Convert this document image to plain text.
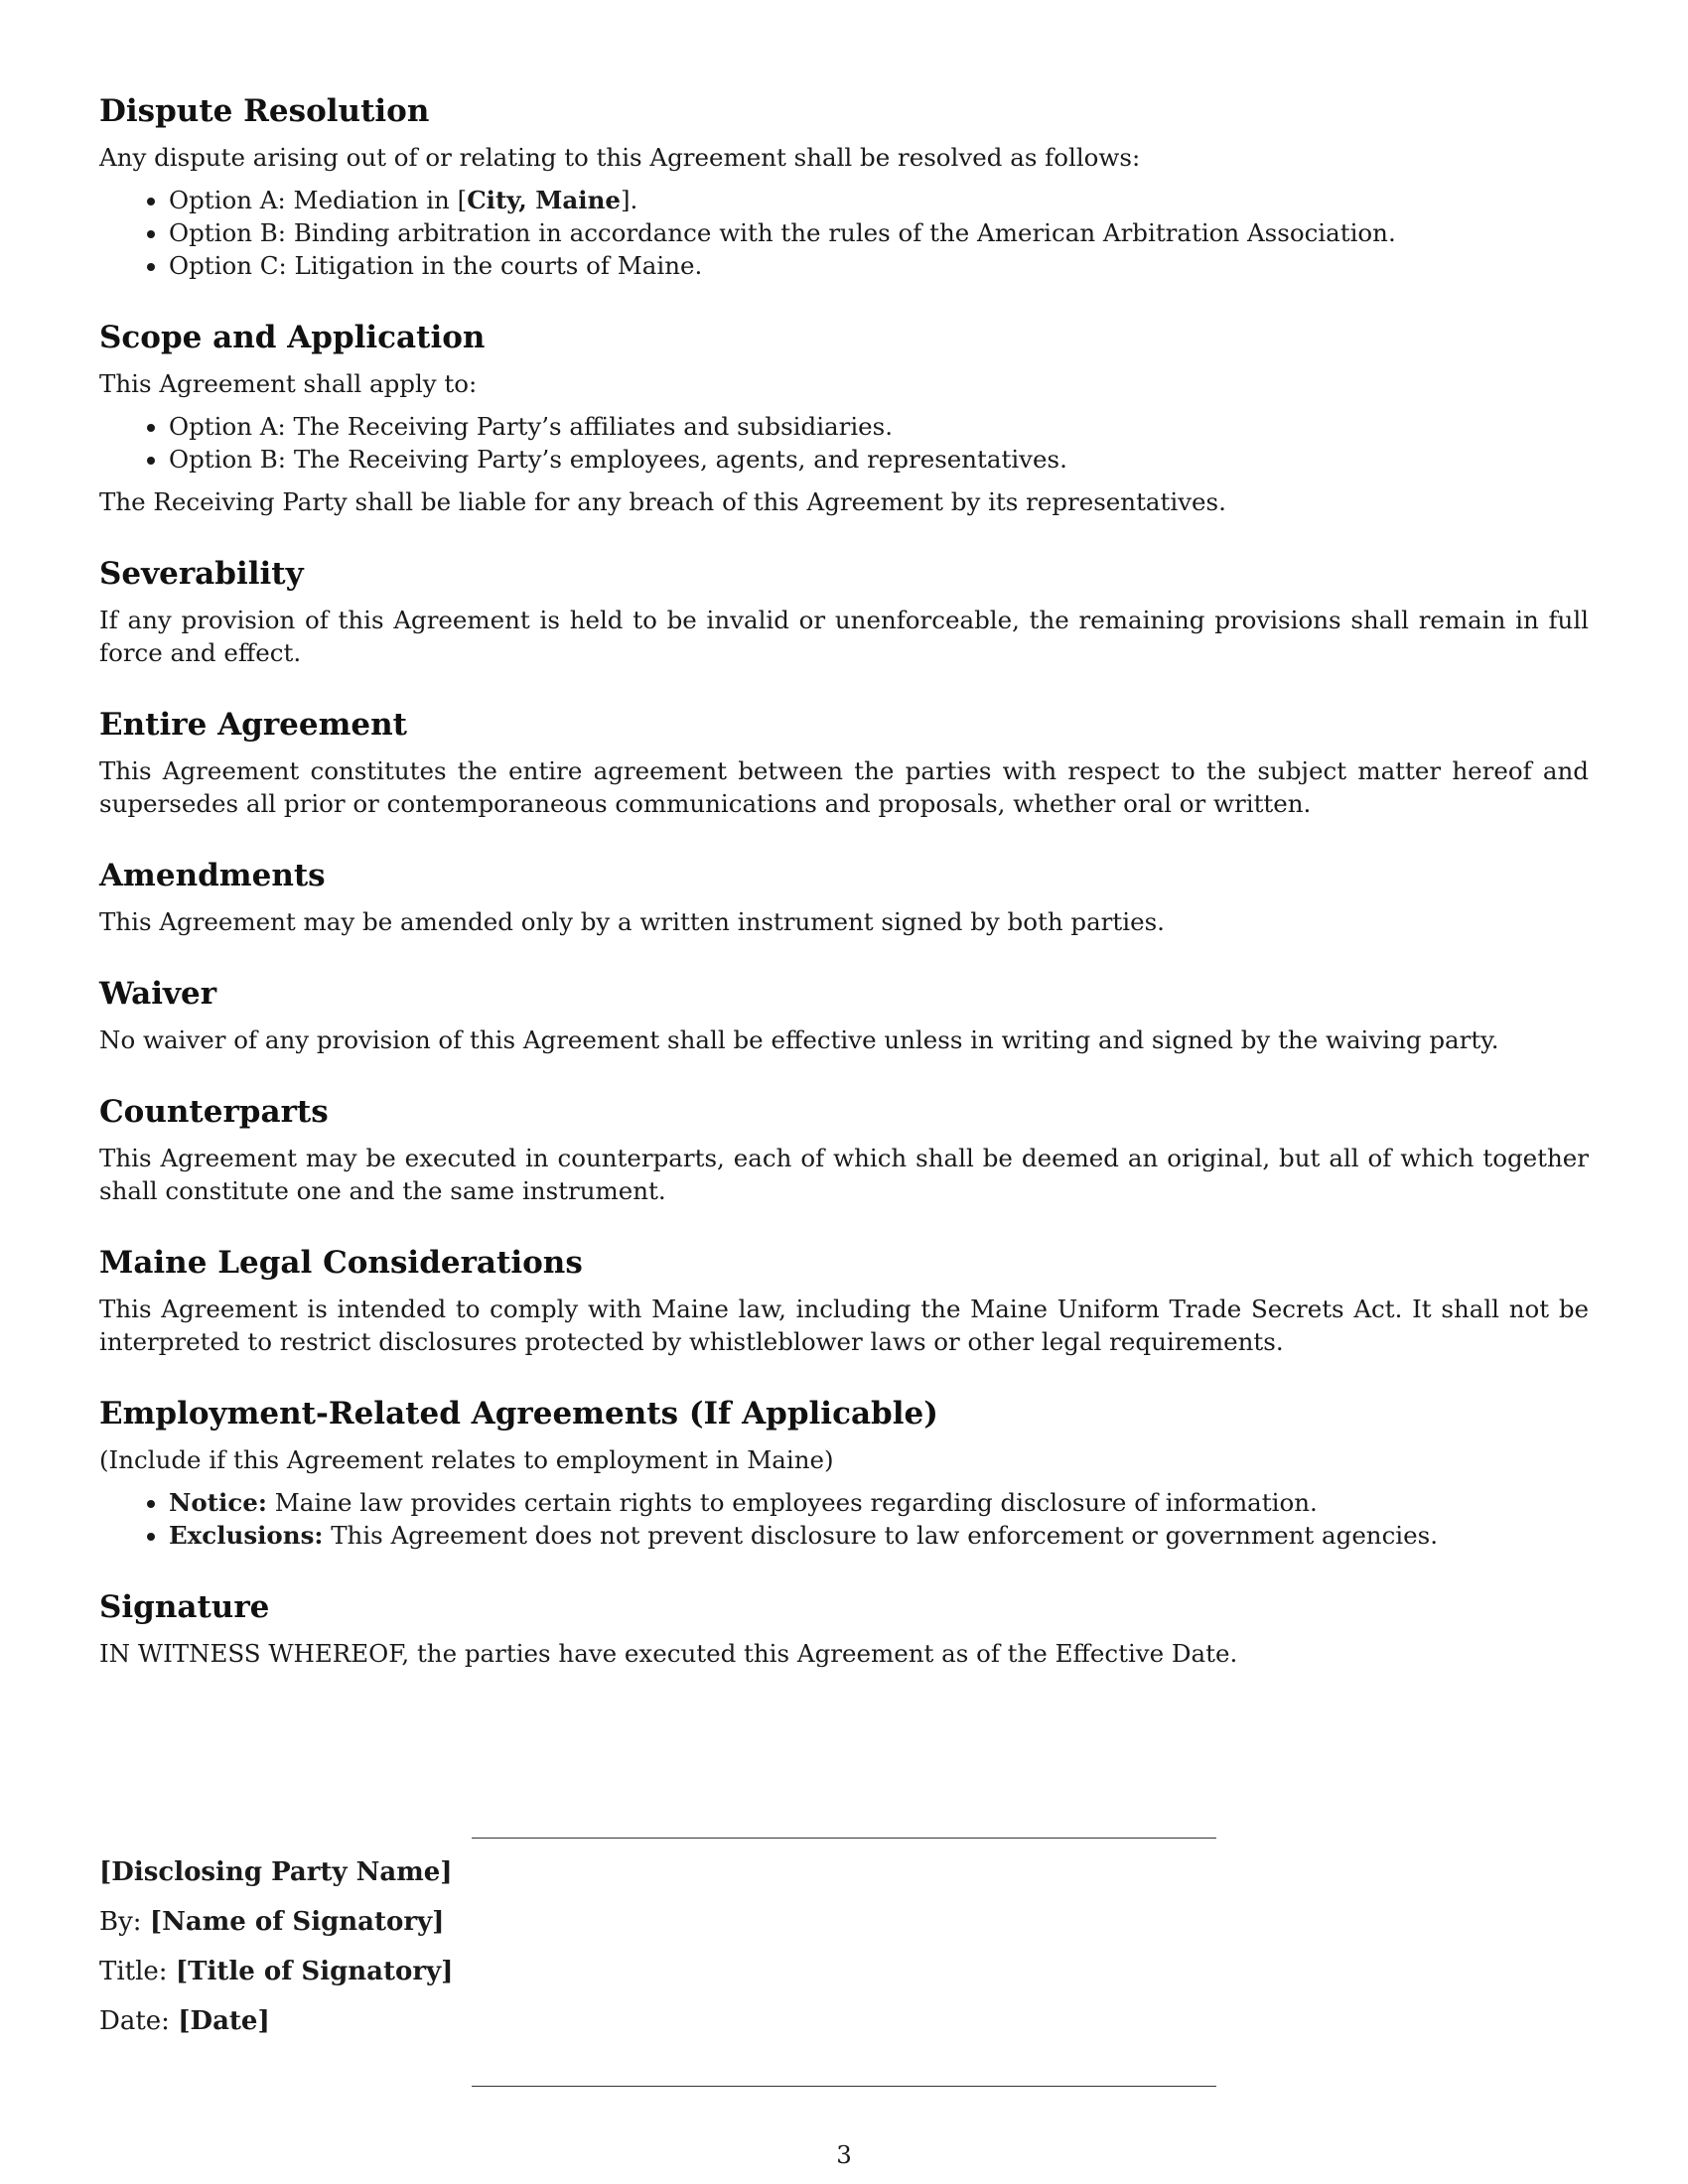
Dispute Resolution

Any dispute arising out of or relating to this Agreement shall be resolved as follows:

• Option A: Mediation in [City, Maine].
• Option B: Binding arbitration in accordance with the rules of the American Arbitration Association.
• Option C: Litigation in the courts of Maine.
Scope and Application

This Agreement shall apply to:

• Option A: The Receiving Party’s affiliates and subsidiaries.
• Option B: The Receiving Party’s employees, agents, and representatives.

The Receiving Party shall be liable for any breach of this Agreement by its representatives.

Severability

If any provision of this Agreement is held to be invalid or unenforceable, the remaining provisions shall remain in full force and effect.

Entire Agreement

This Agreement constitutes the entire agreement between the parties with respect to the subject matter hereof and supersedes all prior or contemporaneous communications and proposals, whether oral or written.

Amendments

This Agreement may be amended only by a written instrument signed by both parties.

Waiver

No waiver of any provision of this Agreement shall be effective unless in writing and signed by the waiving party.

Counterparts

This Agreement may be executed in counterparts, each of which shall be deemed an original, but all of which together shall constitute one and the same instrument.

Maine Legal Considerations

This Agreement is intended to comply with Maine law, including the Maine Uniform Trade Secrets Act. It shall not be interpreted to restrict disclosures protected by whistleblower laws or other legal requirements.

Employment-Related Agreements (If Applicable)

(Include if this Agreement relates to employment in Maine)

• Notice: Maine law provides certain rights to employees regarding disclosure of information.
• Exclusions: This Agreement does not prevent disclosure to law enforcement or government agencies.
Signature

IN WITNESS WHEREOF, the parties have executed this Agreement as of the Effective Date.

[Disclosing Party Name]

By: [Name of Signatory]

Title: [Title of Signatory]

Date: [Date]

3
